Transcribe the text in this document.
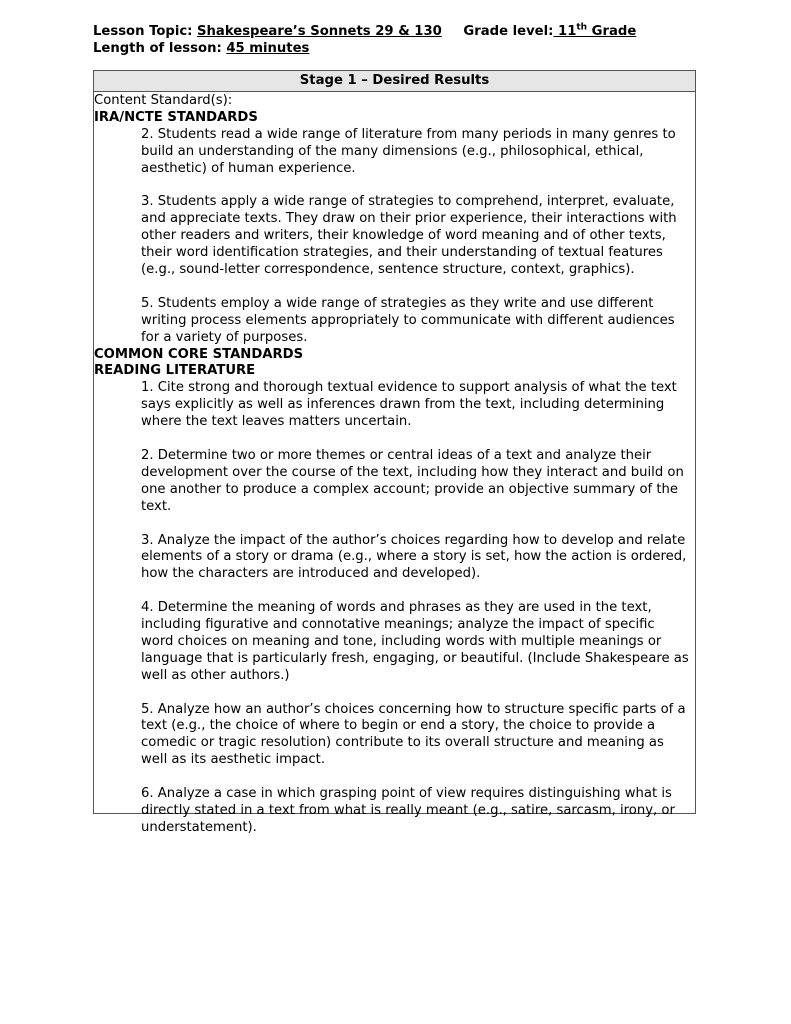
Lesson Topic: Shakespeare’s Sonnets 29 & 130 Grade level: 11th Grade
Length of lesson: 45 minutes
Stage 1 – Desired Results

Content Standard(s):

IRA/NCTE STANDARDS

2. Students read a wide range of literature from many periods in many genres to build an understanding of the many dimensions (e.g., philosophical, ethical, aesthetic) of human experience.

3. Students apply a wide range of strategies to comprehend, interpret, evaluate, and appreciate texts. They draw on their prior experience, their interactions with other readers and writers, their knowledge of word meaning and of other texts, their word identification strategies, and their understanding of textual features (e.g., sound-letter correspondence, sentence structure, context, graphics).

5. Students employ a wide range of strategies as they write and use different writing process elements appropriately to communicate with different audiences for a variety of purposes.

COMMON CORE STANDARDS

READING LITERATURE

1. Cite strong and thorough textual evidence to support analysis of what the text says explicitly as well as inferences drawn from the text, including determining where the text leaves matters uncertain.

2. Determine two or more themes or central ideas of a text and analyze their development over the course of the text, including how they interact and build on one another to produce a complex account; provide an objective summary of the text.

3. Analyze the impact of the author’s choices regarding how to develop and relate elements of a story or drama (e.g., where a story is set, how the action is ordered, how the characters are introduced and developed).

4. Determine the meaning of words and phrases as they are used in the text, including figurative and connotative meanings; analyze the impact of specific word choices on meaning and tone, including words with multiple meanings or language that is particularly fresh, engaging, or beautiful. (Include Shakespeare as well as other authors.)

5. Analyze how an author’s choices concerning how to structure specific parts of a text (e.g., the choice of where to begin or end a story, the choice to provide a comedic or tragic resolution) contribute to its overall structure and meaning as well as its aesthetic impact.

6. Analyze a case in which grasping point of view requires distinguishing what is directly stated in a text from what is really meant (e.g., satire, sarcasm, irony, or understatement).
